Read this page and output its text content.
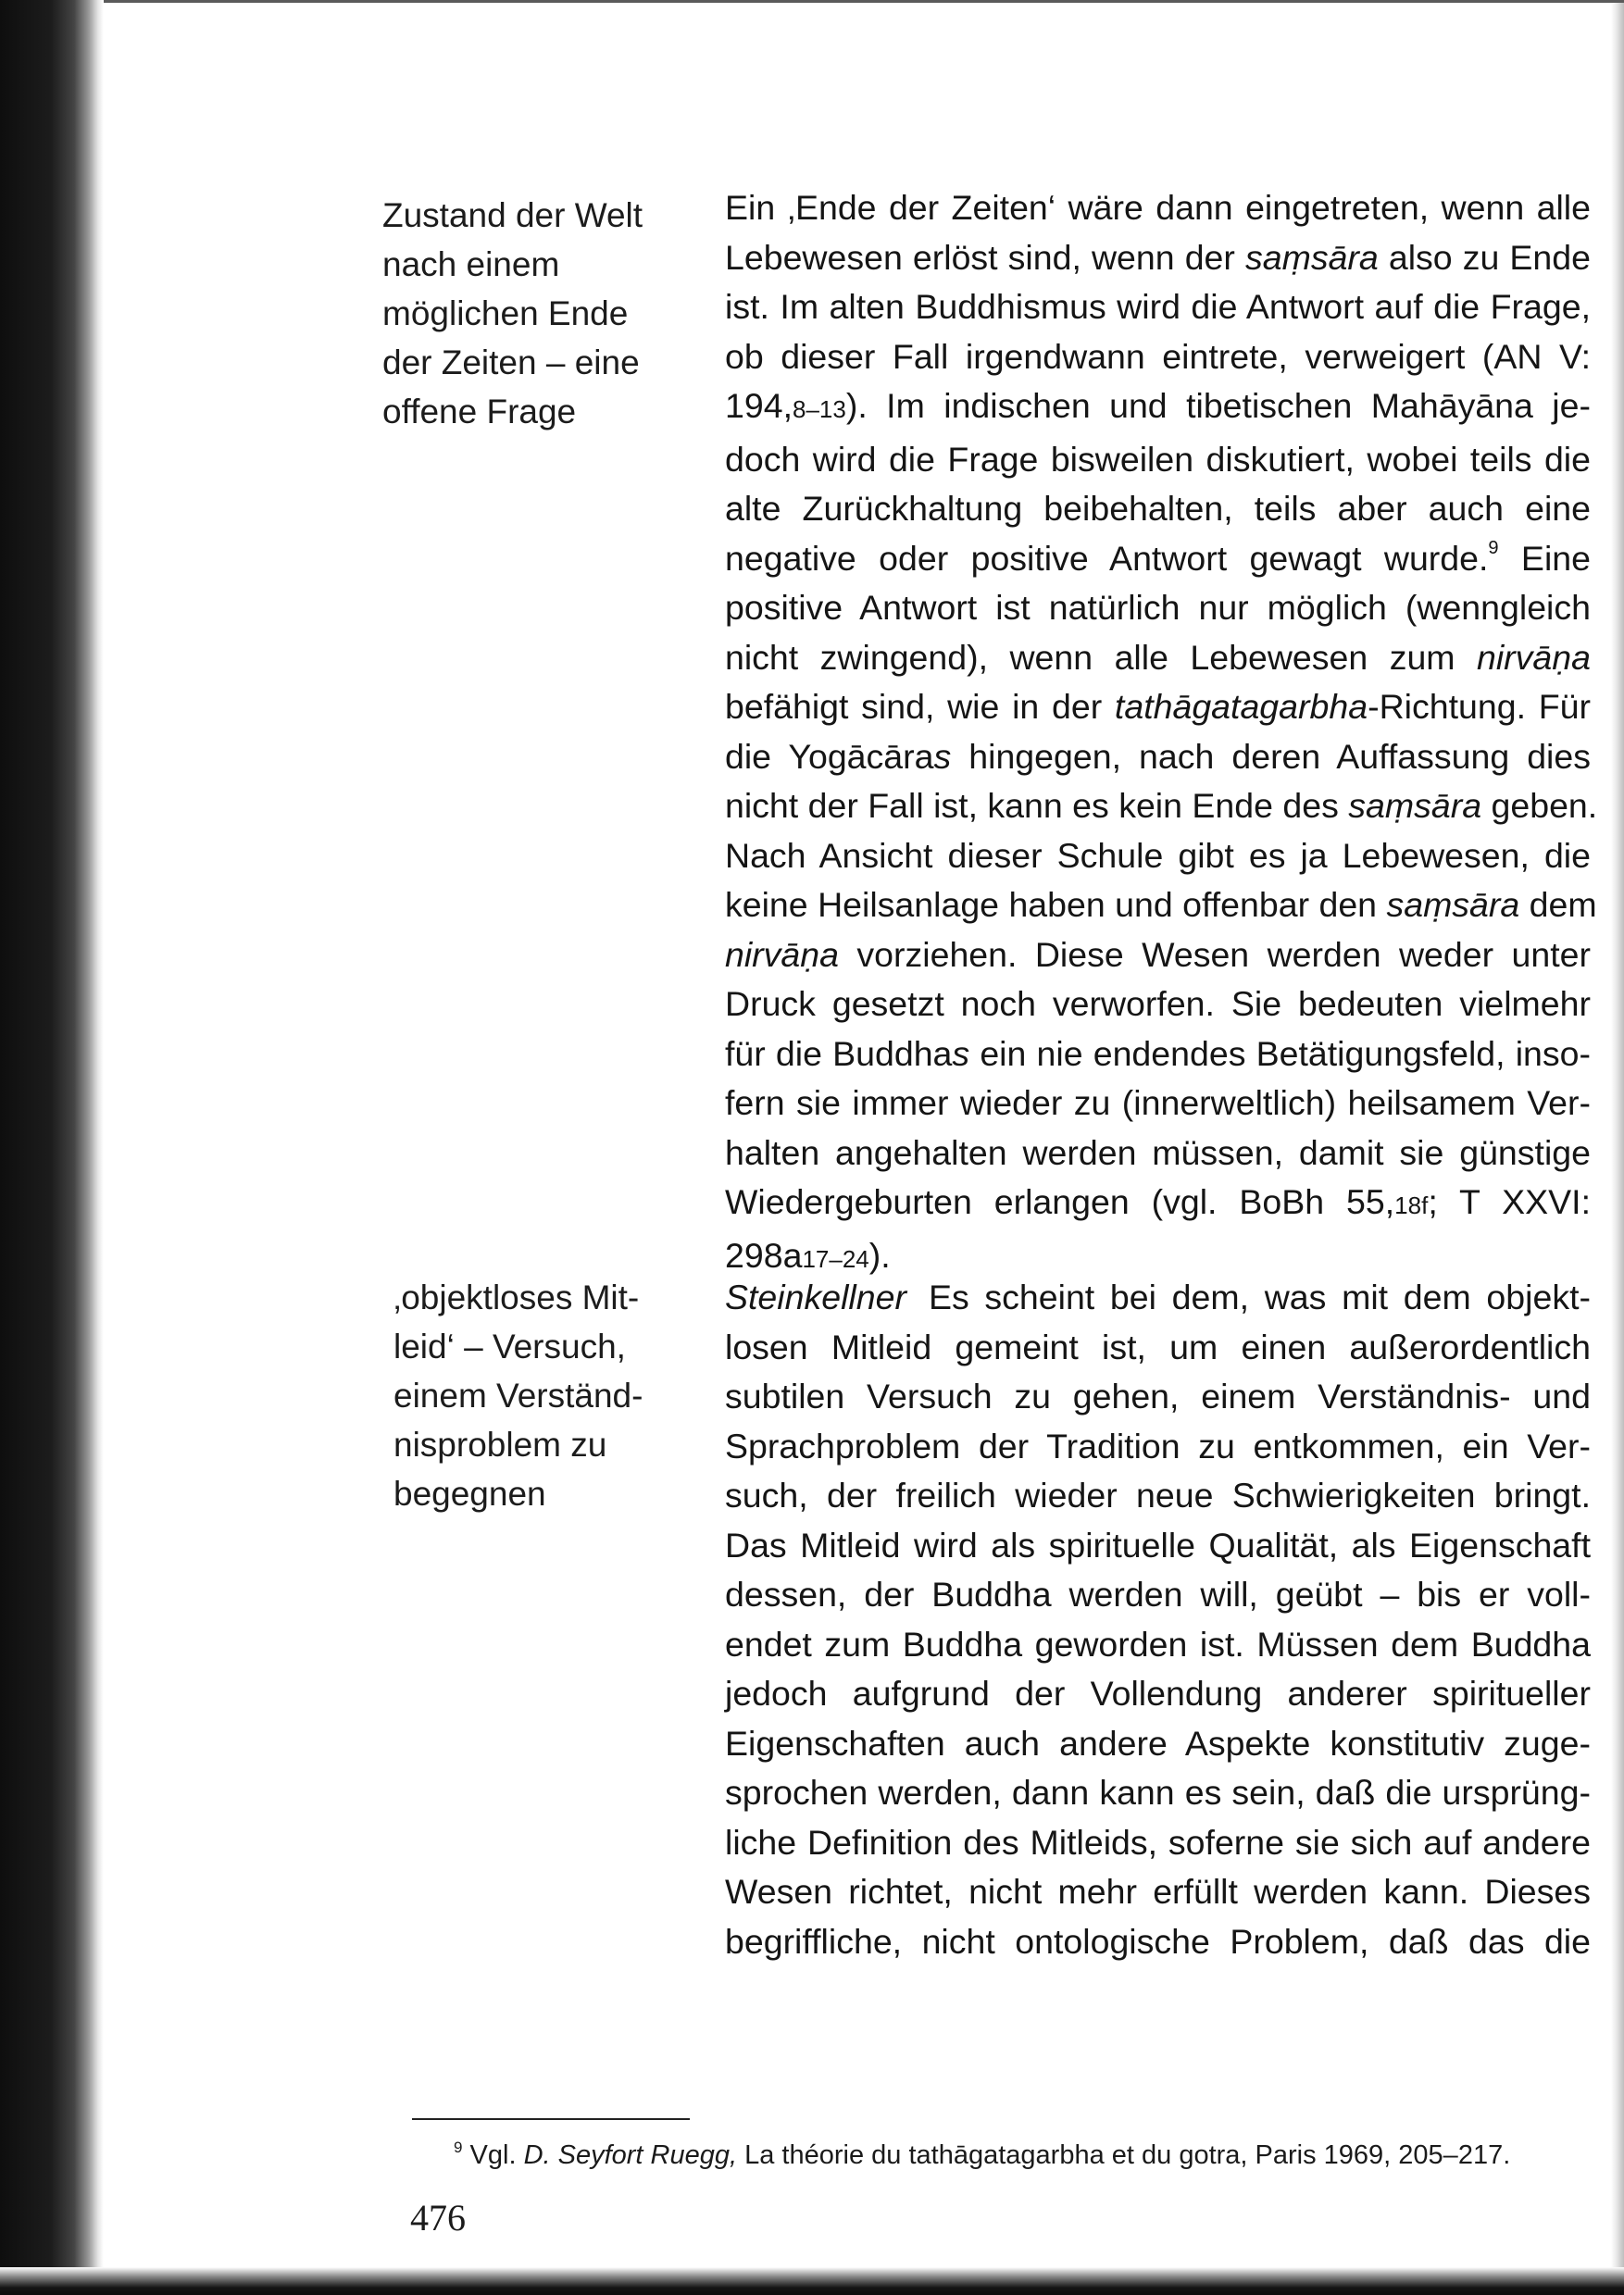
Zustand der Welt
nach einem
möglichen Ende
der Zeiten – eine
offene Frage
‚objektloses Mit-
leid‘ – Versuch,
einem Verständ-
nisproblem zu
begegnen
Ein ‚Ende der Zeiten‘ wäre dann eingetreten, wenn alle
Lebewesen erlöst sind, wenn der saṃsāra also zu Ende
ist. Im alten Buddhismus wird die Antwort auf die Frage,
ob dieser Fall irgendwann eintrete, verweigert (AN V:
194,8–13). Im indischen und tibetischen Mahāyāna je-
doch wird die Frage bisweilen diskutiert, wobei teils die
alte Zurückhaltung beibehalten, teils aber auch eine
negative oder positive Antwort gewagt wurde.$^9$ Eine
positive Antwort ist natürlich nur möglich (wenngleich
nicht zwingend), wenn alle Lebewesen zum nirvāṇa
befähigt sind, wie in der tathāgatagarbha-Richtung. Für
die Yogācāras hingegen, nach deren Auffassung dies
nicht der Fall ist, kann es kein Ende des saṃsāra geben.
Nach Ansicht dieser Schule gibt es ja Lebewesen, die
keine Heilsanlage haben und offenbar den saṃsāra dem
nirvāṇa vorziehen. Diese Wesen werden weder unter
Druck gesetzt noch verworfen. Sie bedeuten vielmehr
für die Buddhas ein nie endendes Betätigungsfeld, inso-
fern sie immer wieder zu (innerweltlich) heilsamem Ver-
halten angehalten werden müssen, damit sie günstige
Wiedergeburten erlangen (vgl. BoBh 55,18f; T XXVI:
298a17–24).
Steinkellner Es scheint bei dem, was mit dem objekt-
losen Mitleid gemeint ist, um einen außerordentlich
subtilen Versuch zu gehen, einem Verständnis- und
Sprachproblem der Tradition zu entkommen, ein Ver-
such, der freilich wieder neue Schwierigkeiten bringt.
Das Mitleid wird als spirituelle Qualität, als Eigenschaft
dessen, der Buddha werden will, geübt – bis er voll-
endet zum Buddha geworden ist. Müssen dem Buddha
jedoch aufgrund der Vollendung anderer spiritueller
Eigenschaften auch andere Aspekte konstitutiv zuge-
sprochen werden, dann kann es sein, daß die ursprüng-
liche Definition des Mitleids, soferne sie sich auf andere
Wesen richtet, nicht mehr erfüllt werden kann. Dieses
begriffliche, nicht ontologische Problem, daß das die
$^9$ Vgl. D. Seyfort Ruegg, La théorie du tathāgatagarbha et du gotra, Paris 1969, 205–217.
476
